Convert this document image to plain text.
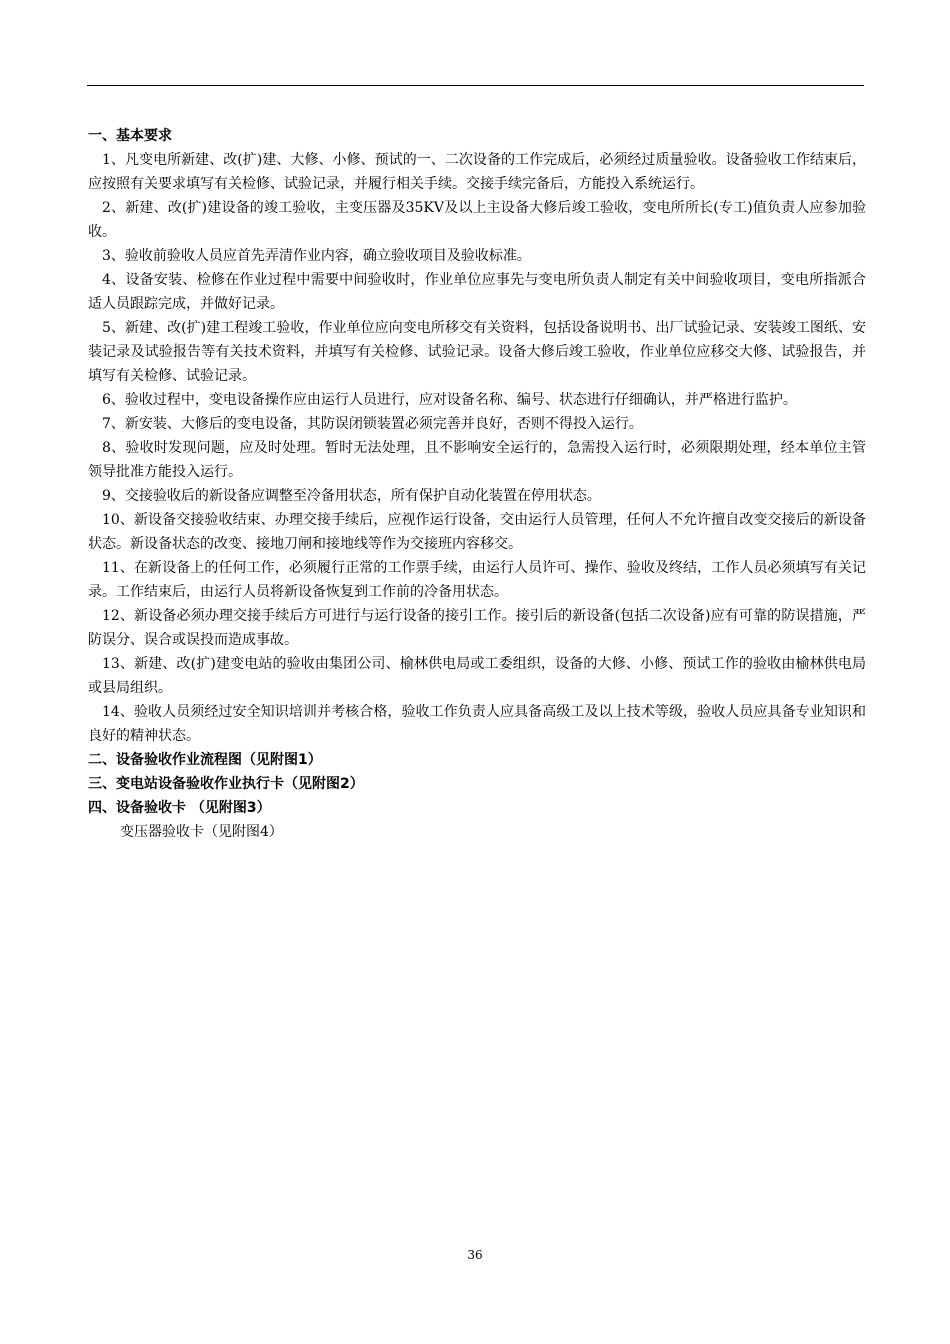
一、基本要求

1、凡变电所新建、改(扩)建、大修、小修、预试的一、二次设备的工作完成后，必须经过质量验收。设备验收工作结束后，应按照有关要求填写有关检修、试验记录，并履行相关手续。交接手续完备后，方能投入系统运行。

2、新建、改(扩)建设备的竣工验收，主变压器及35KV及以上主设备大修后竣工验收，变电所所长(专工)值负责人应参加验收。

3、验收前验收人员应首先弄清作业内容，确立验收项目及验收标准。

4、设备安装、检修在作业过程中需要中间验收时，作业单位应事先与变电所负责人制定有关中间验收项目，变电所指派合适人员跟踪完成，并做好记录。

5、新建、改(扩)建工程竣工验收，作业单位应向变电所移交有关资料，包括设备说明书、出厂试验记录、安装竣工图纸、安装记录及试验报告等有关技术资料，并填写有关检修、试验记录。设备大修后竣工验收，作业单位应移交大修、试验报告，并填写有关检修、试验记录。

6、验收过程中，变电设备操作应由运行人员进行，应对设备名称、编号、状态进行仔细确认，并严格进行监护。

7、新安装、大修后的变电设备，其防误闭锁装置必须完善并良好，否则不得投入运行。

8、验收时发现问题，应及时处理。暂时无法处理，且不影响安全运行的，急需投入运行时，必须限期处理，经本单位主管领导批准方能投入运行。

9、交接验收后的新设备应调整至冷备用状态，所有保护自动化装置在停用状态。

10、新设备交接验收结束、办理交接手续后，应视作运行设备，交由运行人员管理，任何人不允许擅自改变交接后的新设备状态。新设备状态的改变、接地刀闸和接地线等作为交接班内容移交。

11、在新设备上的任何工作，必须履行正常的工作票手续，由运行人员许可、操作、验收及终结，工作人员必须填写有关记录。工作结束后，由运行人员将新设备恢复到工作前的冷备用状态。

12、新设备必须办理交接手续后方可进行与运行设备的接引工作。接引后的新设备(包括二次设备)应有可靠的防误措施，严防误分、误合或误投而造成事故。

13、新建、改(扩)建变电站的验收由集团公司、榆林供电局或工委组织，设备的大修、小修、预试工作的验收由榆林供电局或县局组织。

14、验收人员须经过安全知识培训并考核合格，验收工作负责人应具备高级工及以上技术等级，验收人员应具备专业知识和良好的精神状态。

二、设备验收作业流程图（见附图1）

三、变电站设备验收作业执行卡（见附图2）

四、设备验收卡 （见附图3）

变压器验收卡（见附图4）

36
